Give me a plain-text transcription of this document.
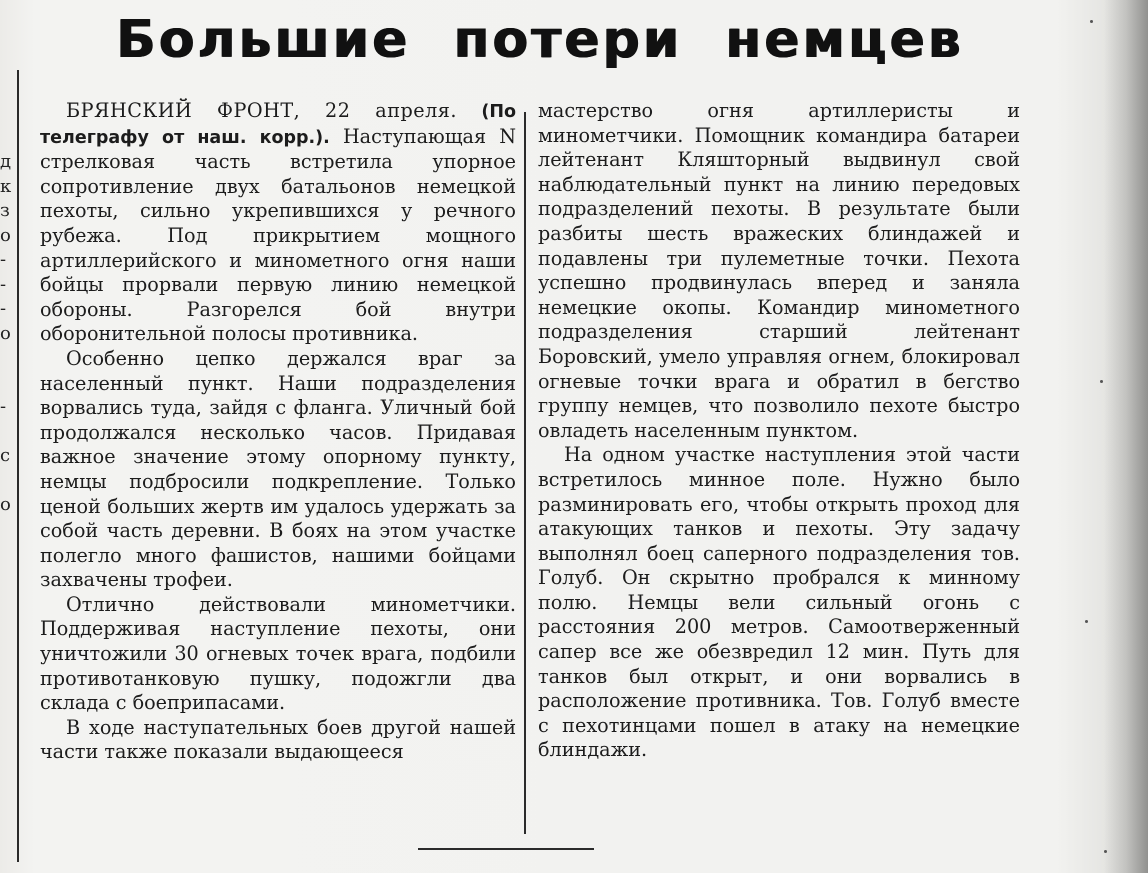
д
к
з
о
-
-
-
о
-
с
о
Большие потери немцев

БРЯНСКИЙ ФРОНТ, 22 апреля. (По телеграфу от наш. корр.). Наступающая N стрелковая часть встретила упорное сопротивление двух батальонов немецкой пехоты, сильно укрепившихся у речного рубежа. Под прикрытием мощного артиллерийского и минометного огня наши бойцы прорвали первую линию немецкой обороны. Разгорелся бой внутри оборонительной полосы противника.

Особенно цепко держался враг за населенный пункт. Наши подразделения ворвались туда, зайдя с фланга. Уличный бой продолжался несколько часов. Придавая важное значение этому опорному пункту, немцы подбросили подкрепление. Только ценой больших жертв им удалось удержать за собой часть деревни. В боях на этом участке полегло много фашистов, нашими бойцами захвачены трофеи.

Отлично действовали минометчики. Поддерживая наступление пехоты, они уничтожили 30 огневых точек врага, подбили противотанковую пушку, подожгли два склада с боеприпасами.

В ходе наступательных боев другой нашей части также показали выдающееся

мастерство огня артиллеристы и минометчики. Помощник командира батареи лейтенант Кляшторный выдвинул свой наблюдательный пункт на линию передовых подразделений пехоты. В результате были разбиты шесть вражеских блиндажей и подавлены три пулеметные точки. Пехота успешно продвинулась вперед и заняла немецкие окопы. Командир минометного подразделения старший лейтенант Боровский, умело управляя огнем, блокировал огневые точки врага и обратил в бегство группу немцев, что позволило пехоте быстро овладеть населенным пунктом.

На одном участке наступления этой части встретилось минное поле. Нужно было разминировать его, чтобы открыть проход для атакующих танков и пехоты. Эту задачу выполнял боец саперного подразделения тов. Голуб. Он скрытно пробрался к минному полю. Немцы вели сильный огонь с расстояния 200 метров. Самоотверженный сапер все же обезвредил 12 мин. Путь для танков был открыт, и они ворвались в расположение противника. Тов. Голуб вместе с пехотинцами пошел в атаку на немецкие блиндажи.
